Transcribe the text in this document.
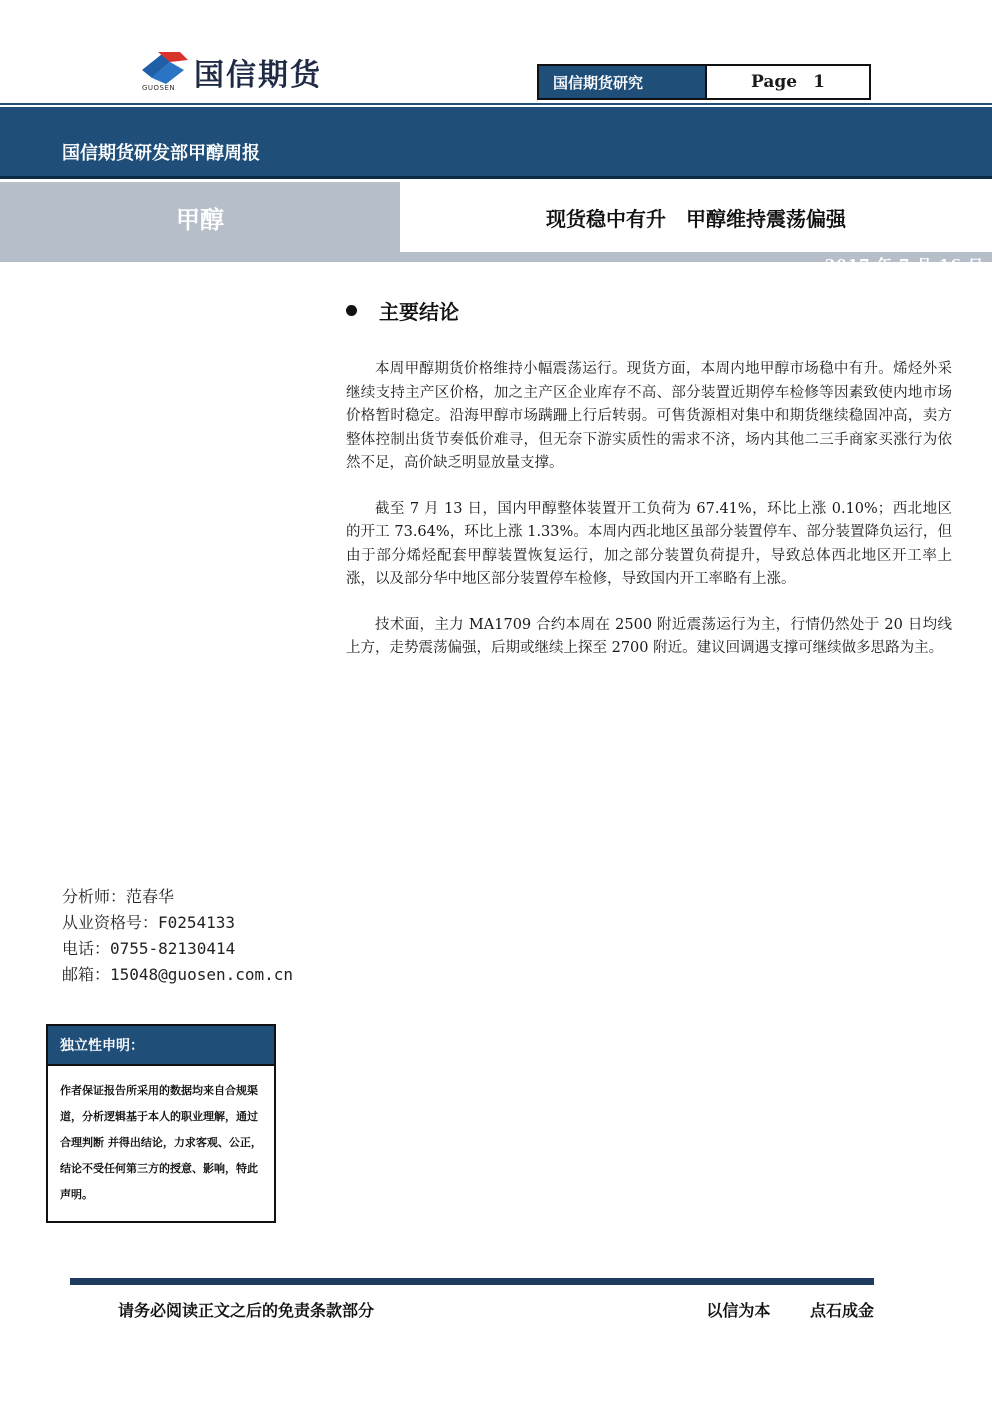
国信期货
GUOSEN	国信期货研究	Page 1
国信期货研发部甲醇周报
甲醇	现货稳中有升　甲醇维持震荡偏强
2017 年 7 月 16 日
主要结论

本周甲醇期货价格维持小幅震荡运行。现货方面，本周内地甲醇市场稳中有升。烯烃外采继续支持主产区价格，加之主产区企业库存不高、部分装置近期停车检修等因素致使内地市场价格暂时稳定。沿海甲醇市场蹒跚上行后转弱。可售货源相对集中和期货继续稳固冲高，卖方整体控制出货节奏低价难寻，但无奈下游实质性的需求不济，场内其他二三手商家买涨行为依然不足，高价缺乏明显放量支撑。

截至 7 月 13 日，国内甲醇整体装置开工负荷为 67.41%，环比上涨 0.10%；西北地区的开工 73.64%，环比上涨 1.33%。本周内西北地区虽部分装置停车、部分装置降负运行，但由于部分烯烃配套甲醇装置恢复运行，加之部分装置负荷提升，导致总体西北地区开工率上涨，以及部分华中地区部分装置停车检修，导致国内开工率略有上涨。

技术面，主力 MA1709 合约本周在 2500 附近震荡运行为主，行情仍然处于 20 日均线上方，走势震荡偏强，后期或继续上探至 2700 附近。建议回调遇支撑可继续做多思路为主。

分析师：范春华
从业资格号：F0254133
电话：0755-82130414
邮箱：15048@guosen.com.cn
独立性申明：
作者保证报告所采用的数据均来自合规渠道，分析逻辑基于本人的职业理解，通过合理判断 并得出结论，力求客观、公正，结论不受任何第三方的授意、影响，特此声明。
请务必阅读正文之后的免责条款部分	以信为本 点石成金
